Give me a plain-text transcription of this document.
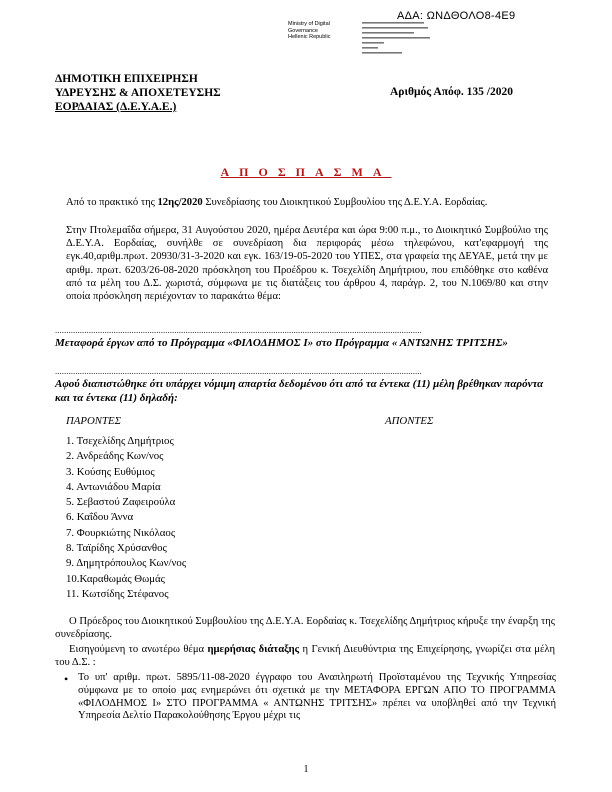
ΑΔΑ: ΩΝΔΘΟΛΟ8-4Ε9
Ministry of Digital
Governance
Hellenic Republic
ΔΗΜΟΤΙΚΗ ΕΠΙΧΕΙΡΗΣΗ
ΥΔΡΕΥΣΗΣ & ΑΠΟΧΕΤΕΥΣΗΣ
ΕΟΡΔΑΙΑΣ (Δ.Ε.Υ.Α.Ε.)
Αριθμός Απόφ. 135 /2020
ΑΠΟΣΠΑΣΜΑ
Από το πρακτικό της 12ης/2020 Συνεδρίασης του Διοικητικού Συμβουλίου της Δ.Ε.Υ.Α. Εορδαίας.
Στην Πτολεμαΐδα σήμερα, 31 Αυγούστου 2020, ημέρα Δευτέρα και ώρα 9:00 π.μ., το Διοικητικό Συμβούλιο της Δ.Ε.Υ.Α. Εορδαίας, συνήλθε σε συνεδρίαση δια περιφοράς μέσω τηλεφώνου, κατ'εφαρμογή της εγκ.40,αριθμ.πρωτ. 20930/31-3-2020 και εγκ. 163/19-05-2020 του ΥΠΕΣ, στα γραφεία της ΔΕΥΑΕ, μετά την με αριθμ. πρωτ. 6203/26-08-2020 πρόσκληση του Προέδρου κ. Τσεχελίδη Δημήτριου, που επιδόθηκε στο καθένα από τα μέλη του Δ.Σ. χωριστά, σύμφωνα με τις διατάξεις του άρθρου 4, παράγρ. 2, του Ν.1069/80 και στην οποία πρόσκληση περιέχονταν το παρακάτω θέμα:
...................................................................................................................................................................
Μεταφορά έργων από το Πρόγραμμα «ΦΙΛΟΔΗΜΟΣ Ι» στο Πρόγραμμα « ΑΝΤΩΝΗΣ ΤΡΙΤΣΗΣ»
...................................................................................................................................................................
Αφού διαπιστώθηκε ότι υπάρχει νόμιμη απαρτία δεδομένου ότι από τα έντεκα (11) μέλη βρέθηκαν παρόντα και τα έντεκα (11) δηλαδή:
ΠΑΡΟΝΤΕΣ	ΑΠΟΝΤΕΣ
1. Τσεχελίδης Δημήτριος
2. Ανδρεάδης Κων/νος
3. Κούσης Ευθύμιος
4. Αντωνιάδου Μαρία
5. Σεβαστού Ζαφειρούλα
6. Καΐδου Άννα
7. Φουρκιώτης Νικόλαος
8. Ταϊρίδης Χρύσανθος
9. Δημητρόπουλος Κων/νος
10.Καραθωμάς Θωμάς
11. Κωτσίδης Στέφανος
Ο Πρόεδρος του Διοικητικού Συμβουλίου της Δ.Ε.Υ.Α. Εορδαίας κ. Τσεχελίδης Δημήτριος κήρυξε την έναρξη της συνεδρίασης.
Εισηγούμενη το ανωτέρω θέμα ημερήσιας διάταξης η Γενική Διευθύντρια της Επιχείρησης, γνωρίζει στα μέλη του Δ.Σ. :
• Το υπ' αριθμ. πρωτ. 5895/11-08-2020 έγγραφο του Αναπληρωτή Προϊσταμένου της Τεχνικής Υπηρεσίας σύμφωνα με το οποίο μας ενημερώνει ότι σχετικά με την ΜΕΤΑΦΟΡΑ ΕΡΓΩΝ ΑΠΟ ΤΟ ΠΡΟΓΡΑΜΜΑ «ΦΙΛΟΔΗΜΟΣ Ι» ΣΤΟ ΠΡΟΓΡΑΜΜΑ « ΑΝΤΩΝΗΣ ΤΡΙΤΣΗΣ» πρέπει να υποβληθεί από την Τεχνική Υπηρεσία Δελτίο Παρακολούθησης Έργου μέχρι τις
1
